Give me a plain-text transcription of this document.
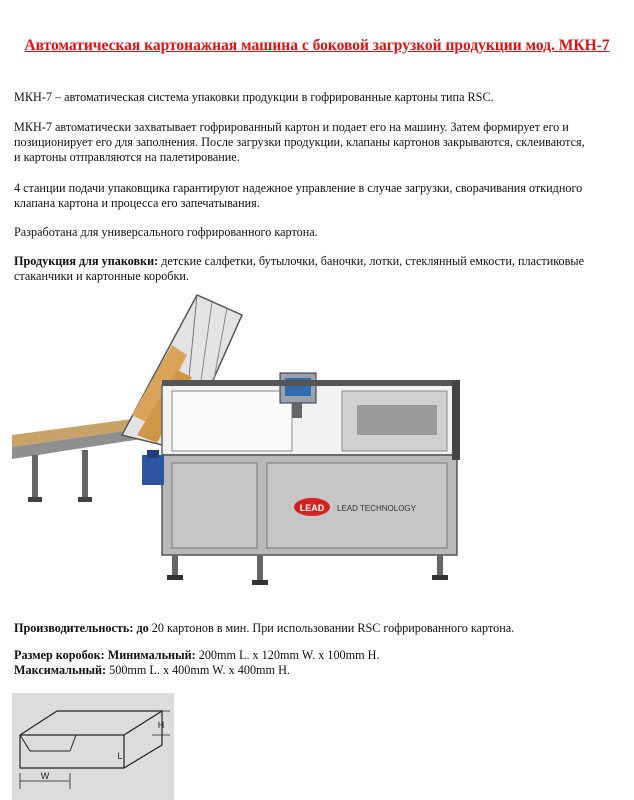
Автоматическая картонажная машина с боковой загрузкой продукции мод. МКН-7

МКН-7 – автоматическая система упаковки продукции в гофрированные картоны типа RSC.

МКН-7 автоматически захватывает гофрированный картон и подает его на машину. Затем формирует его и позиционирует его для заполнения. После загрузки продукции, клапаны картонов закрываются, склеиваются, и картоны отправляются на палетирование.

4 станции подачи упаковщика гарантируют надежное управление в случае загрузки, сворачивания откидного клапана картона и процесса его запечатывания.

Разработана для универсального гофрированного картона.

Продукция для упаковки: детские салфетки, бутылочки, баночки, лотки, стеклянный емкости, пластиковые стаканчики и картонные коробки.

LEAD LEAD TECHNOLOGY

Производительность: до 20 картонов в мин. При использовании RSC гофрированного картона.

Размер коробок: Минимальный: 200mm L. x 120mm W. x 100mm H.

Максимальный: 500mm L. x 400mm W. x 400mm H.

H
L
W
